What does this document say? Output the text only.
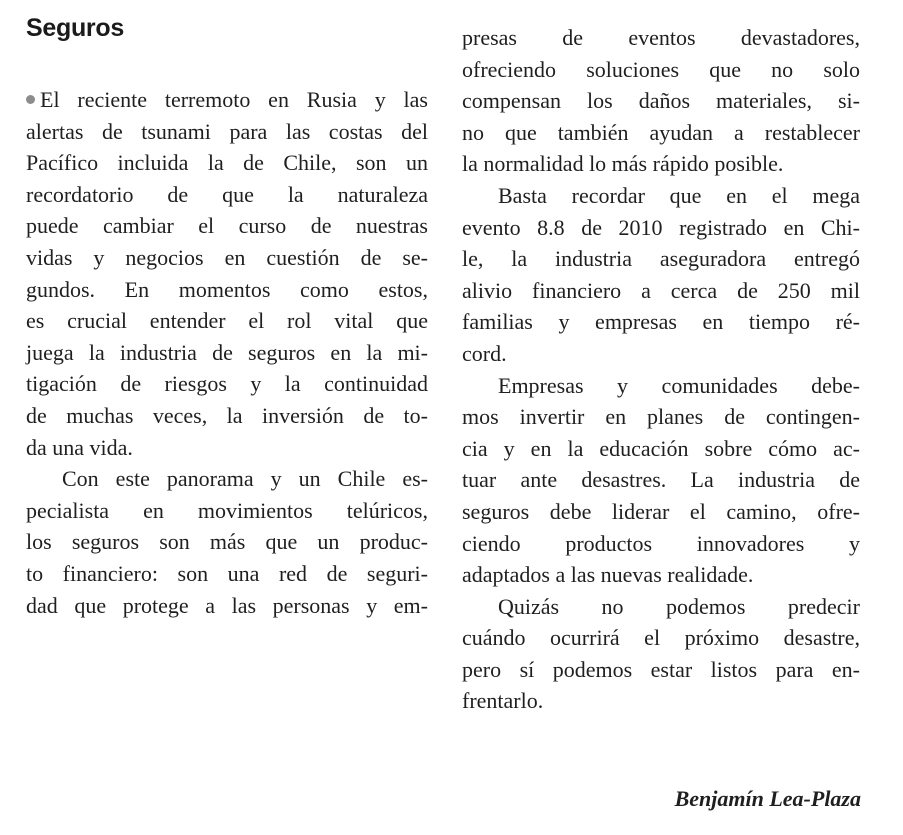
Seguros
El reciente terremoto en Rusia y las
alertas de tsunami para las costas del
Pacífico incluida la de Chile, son un
recordatorio de que la naturaleza
puede cambiar el curso de nuestras
vidas y negocios en cuestión de se-
gundos. En momentos como estos,
es crucial entender el rol vital que
juega la industria de seguros en la mi-
tigación de riesgos y la continuidad
de muchas veces, la inversión de to-
da una vida.
Con este panorama y un Chile es-
pecialista en movimientos telúricos,
los seguros son más que un produc-
to financiero: son una red de seguri-
dad que protege a las personas y em-
presas de eventos devastadores,
ofreciendo soluciones que no solo
compensan los daños materiales, si-
no que también ayudan a restablecer
la normalidad lo más rápido posible.
Basta recordar que en el mega
evento 8.8 de 2010 registrado en Chi-
le, la industria aseguradora entregó
alivio financiero a cerca de 250 mil
familias y empresas en tiempo ré-
cord.
Empresas y comunidades debe-
mos invertir en planes de contingen-
cia y en la educación sobre cómo ac-
tuar ante desastres. La industria de
seguros debe liderar el camino, ofre-
ciendo productos innovadores y
adaptados a las nuevas realidade.
Quizás no podemos predecir
cuándo ocurrirá el próximo desastre,
pero sí podemos estar listos para en-
frentarlo.
Benjamín Lea-Plaza
